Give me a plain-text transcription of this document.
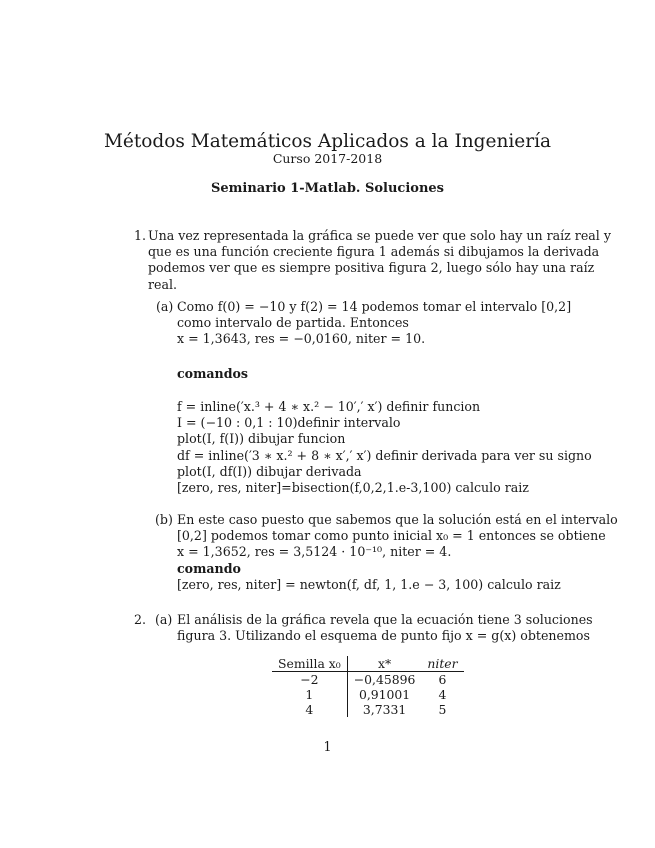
Métodos Matemáticos Aplicados a la Ingeniería
Curso 2017-2018
Seminario 1-Matlab. Soluciones
1. Una vez representada la gráfica se puede ver que solo hay un raíz real y
que es una función creciente figura 1 además si dibujamos la derivada
podemos ver que es siempre positiva figura 2, luego sólo hay una raíz
real.
(a) Como f(0) = −10 y f(2) = 14 podemos tomar el intervalo [0,2]
como intervalo de partida. Entonces
x = 1,3643, res = −0,0160, niter = 10.
comandos
f = inline(′x.³ + 4 ∗ x.² − 10′,′ x′) definir funcion
I = (−10 : 0,1 : 10)definir intervalo
plot(I, f(I)) dibujar funcion
df = inline(′3 ∗ x.² + 8 ∗ x′,′ x′) definir derivada para ver su signo
plot(I, df(I)) dibujar derivada
[zero, res, niter]=bisection(f,0,2,1.e-3,100) calculo raiz
(b) En este caso puesto que sabemos que la solución está en el intervalo
[0,2] podemos tomar como punto inicial x₀ = 1 entonces se obtiene
x = 1,3652, res = 3,5124 · 10⁻¹⁰, niter = 4.
comando
[zero, res, niter] = newton(f, df, 1, 1.e − 3, 100) calculo raiz
2. (a) El análisis de la gráfica revela que la ecuación tiene 3 soluciones
figura 3. Utilizando el esquema de punto fijo x = g(x) obtenemos
Semilla x₀	x*	niter
−2	−0,45896	6
1	0,91001	4
4	3,7331	5
1
